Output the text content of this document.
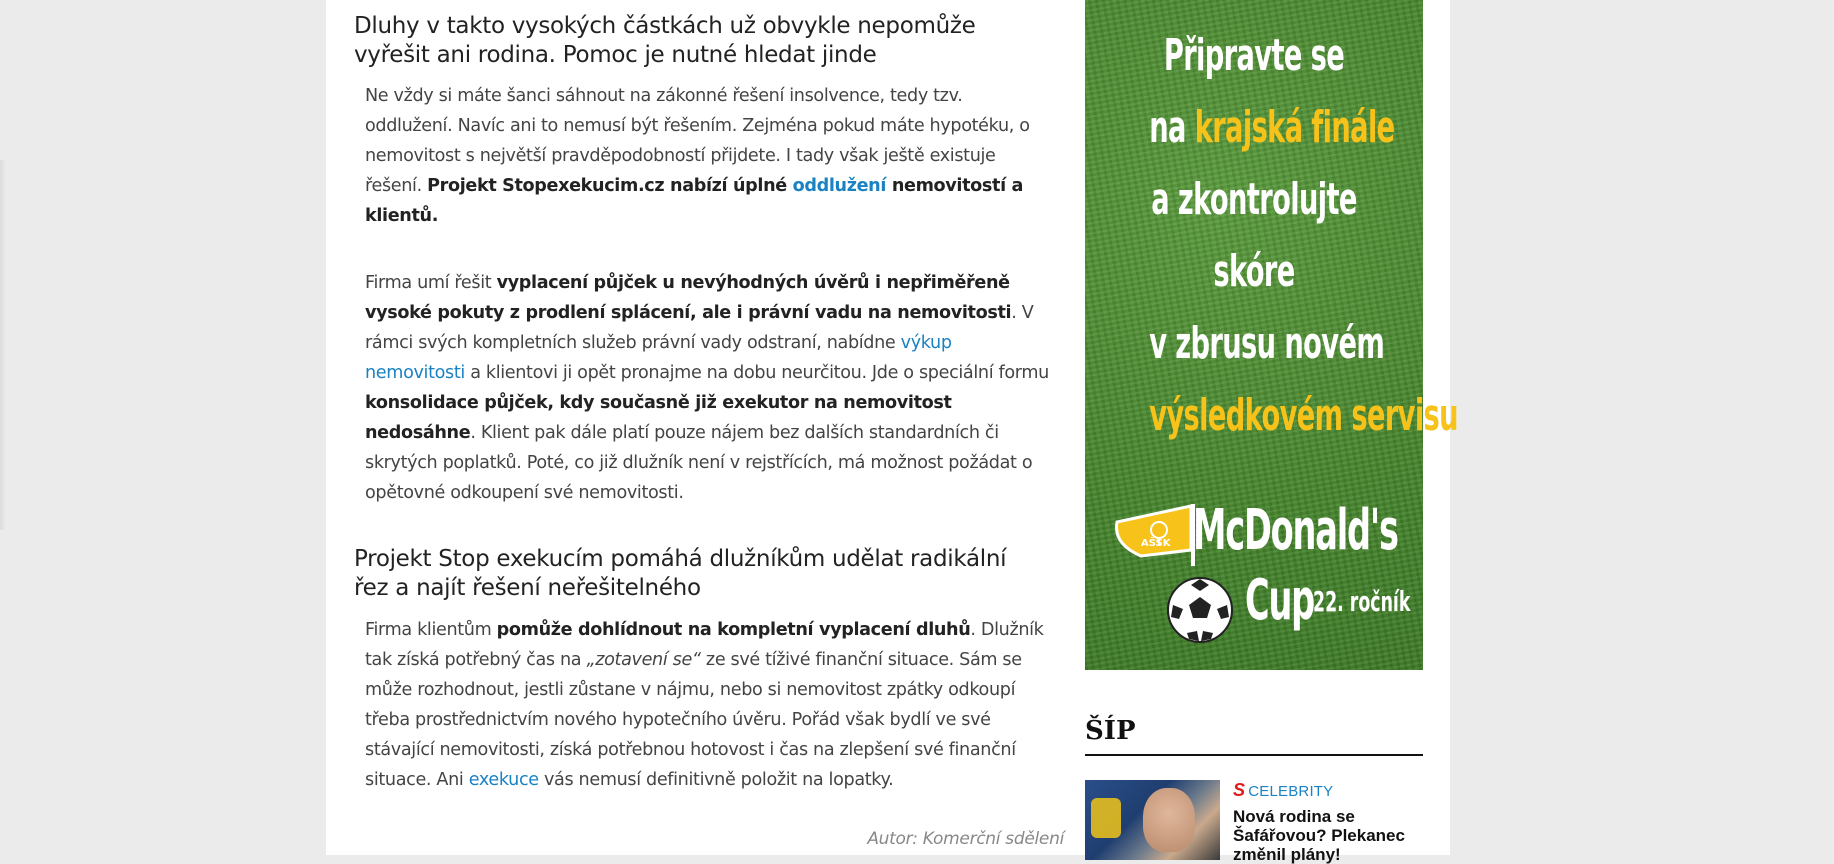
Dluhy v takto vysokých částkách už obvykle nepomůže vyřešit ani rodina. Pomoc je nutné hledat jinde

Ne vždy si máte šanci sáhnout na zákonné řešení insolvence, tedy tzv. oddlužení. Navíc ani to nemusí být řešením. Zejména pokud máte hypotéku, o nemovitost s největší pravděpodobností přijdete. I tady však ještě existuje řešení. Projekt Stopexekucim.cz nabízí úplné oddlužení nemovitostí a klientů.

Firma umí řešit vyplacení půjček u nevýhodných úvěrů i nepřiměřeně vysoké pokuty z prodlení splácení, ale i právní vadu na nemovitosti. V rámci svých kompletních služeb právní vady odstraní, nabídne výkup nemovitosti a klientovi ji opět pronajme na dobu neurčitou. Jde o speciální formu konsolidace půjček, kdy současně již exekutor na nemovitost nedosáhne. Klient pak dále platí pouze nájem bez dalších standardních či skrytých poplatků. Poté, co již dlužník není v rejstřících, má možnost požádat o opětovné odkoupení své nemovitosti.

Projekt Stop exekucím pomáhá dlužníkům udělat radikální řez a najít řešení neřešitelného

Firma klientům pomůže dohlídnout na kompletní vyplacení dluhů. Dlužník tak získá potřebný čas na „zotavení se“ ze své tíživé finanční situace. Sám se může rozhodnout, jestli zůstane v nájmu, nebo si nemovitost zpátky odkoupí třeba prostřednictvím nového hypotečního úvěru. Pořád však bydlí ve své stávající nemovitosti, získá potřebnou hotovost i čas na zlepšení své finanční situace. Ani exekuce vás nemusí definitivně položit na lopatky.

Autor: Komerční sdělení
Připravte se
na krajská finále
a zkontrolujte
skóre
v zbrusu novém
výsledkovém servisu
AŠSK McDonald's
Cup
22. ročník
ŠÍP
S CELEBRITY
Nová rodina se Šafářovou? Plekanec změnil plány!
